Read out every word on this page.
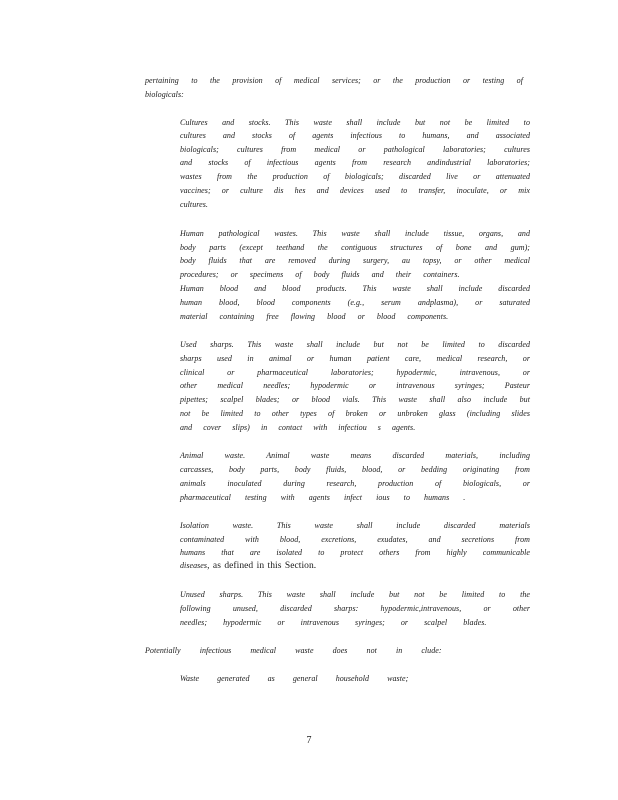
pertaining to the provision of medical services; or the production or testing of
biologicals:
Cultures and stocks. This waste shall include but not be limited to
cultures and stocks of agents infectious to humans, and associated
biologicals; cultures from medical or pathological laboratories; cultures
and stocks of infectious agents from research andindustrial laboratories;
wastes from the production of biologicals; discarded live or attenuated
vaccines; or culture dis hes and devices used to transfer, inoculate, or mix
cultures.
Human pathological wastes. This waste shall include tissue, organs, and
body parts (except teethand the contiguous structures of bone and gum);
body fluids that are removed during surgery, au topsy, or other medical
procedures; or specimens of body fluids and their containers.
Human blood and blood products. This waste shall include discarded
human blood, blood components (e.g., serum andplasma), or saturated
material containing free flowing blood or blood components.
Used sharps. This waste shall include but not be limited to discarded
sharps used in animal or human patient care, medical research, or
clinical or pharmaceutical laboratories; hypodermic, intravenous, or
other medical needles; hypodermic or intravenous syringes; Pasteur
pipettes; scalpel blades; or blood vials. This waste shall also include but
not be limited to other types of broken or unbroken glass (including slides
and cover slips) in contact with infectiou s agents.
Animal waste. Animal waste means discarded materials, including
carcasses, body parts, body fluids, blood, or bedding originating from
animals inoculated during research, production of biologicals, or
pharmaceutical testing with agents infect ious to humans .
Isolation waste. This waste shall include discarded materials
contaminated with blood, excretions, exudates, and secretions from
humans that are isolated to protect others from highly communicable
diseases, as defined in this Section.
Unused sharps. This waste shall include but not be limited to the
following unused, discarded sharps: hypodermic,intravenous, or other
needles; hypodermic or intravenous syringes; or scalpel blades.
Potentially infectious medical waste does not in clude:
Waste generated as general household waste;
7
